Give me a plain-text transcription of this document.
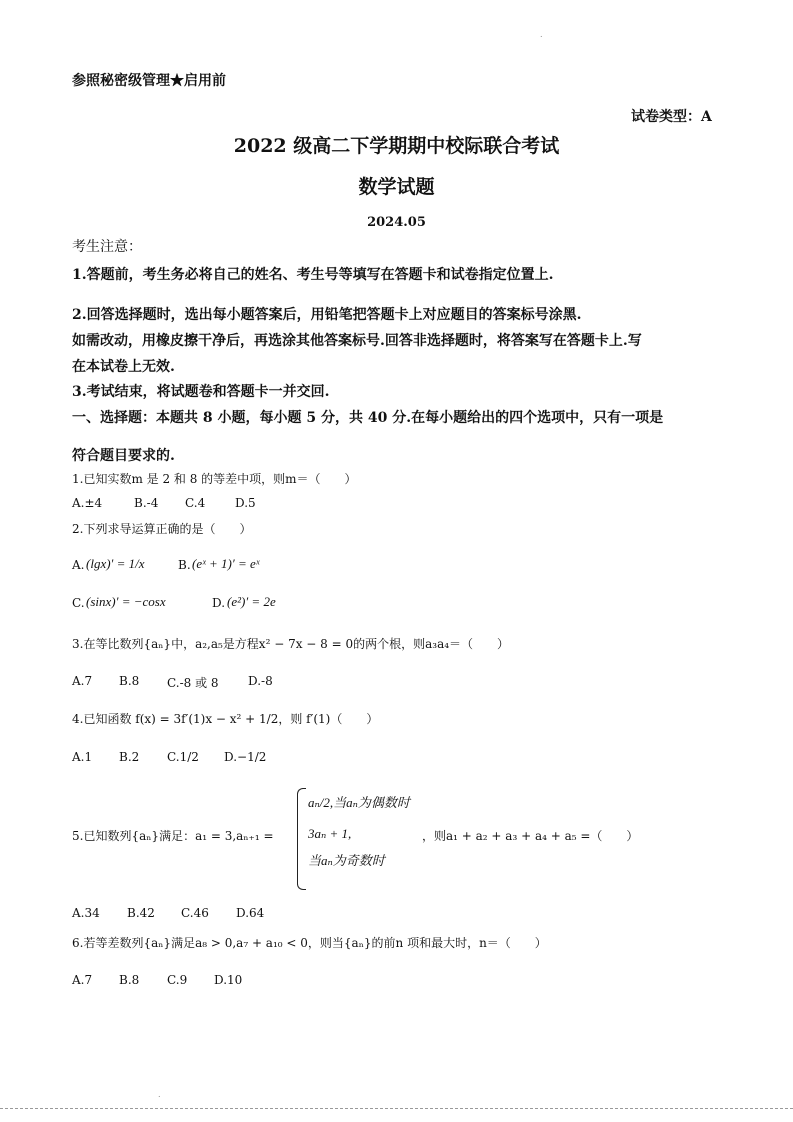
参照秘密级管理★启用前
试卷类型：A
2022 级高二下学期期中校际联合考试
数学试题
2024.05
考生注意：
1.答题前，考生务必将自己的姓名、考生号等填写在答题卡和试卷指定位置上.
2.回答选择题时，选出每小题答案后，用铅笔把答题卡上对应题目的答案标号涂黑.
如需改动，用橡皮擦干净后，再选涂其他答案标号.回答非选择题时，将答案写在答题卡上.写
在本试卷上无效.
3.考试结束，将试题卷和答题卡一并交回.
一、选择题：本题共 8 小题，每小题 5 分，共 40 分.在每小题给出的四个选项中，只有一项是
符合题目要求的.
1.已知实数m 是 2 和 8 的等差中项，则m＝（　　）
A.±4	B.-4 C.4 D.5
2.下列求导运算正确的是（　　）
A. (lgx)′ = 1/x	B. (eˣ + 1)′ = eˣ
C. (sinx)′ = −cosx	D. (e²)′ = 2e
3.在等比数列{aₙ}中，a₂,a₅是方程x² − 7x − 8 = 0的两个根，则a₃a₄＝（　　）
A.7 B.8 C.-8 或 8 D.-8
4.已知函数 f(x) = 3f′(1)x − x² + 1/2，则 f′(1)（　　）
A.1 B.2 C.1/2 D.−1/2
5.已知数列{aₙ}满足：a₁ = 3,aₙ₊₁ =
aₙ/2,当aₙ为偶数时
3aₙ + 1,
当aₙ为奇数时
，则a₁ + a₂ + a₃ + a₄ + a₅ =（　　）
A.34 B.42 C.46 D.64
6.若等差数列{aₙ}满足a₈ > 0,a₇ + a₁₀ < 0，则当{aₙ}的前n 项和最大时，n＝（　　）
A.7 B.8 C.9 D.10
.
.
